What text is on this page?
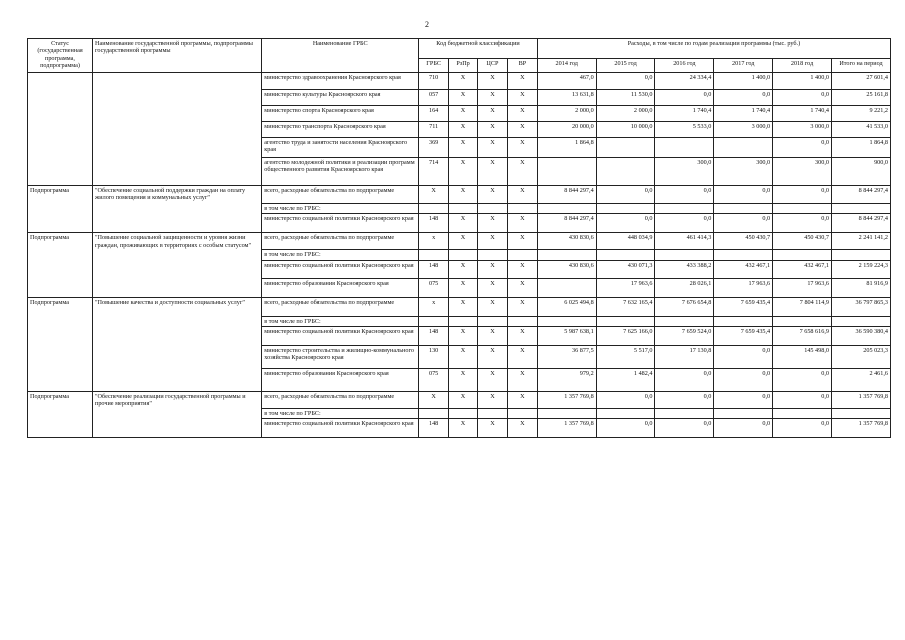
2
Статус (государственная программа, подпрограмма)	Наименование государственной программы, подпрограммы государственной программы	Наименование ГРБС	Код бюджетной классификации				Расходы, в том числе по годам реализации программы (тыс. руб.)					
			ГРБС	РзПр	ЦСР	ВР	2014 год	2015 год	2016 год	2017 год	2018 год	Итого на период
		министерство здравоохранения Красноярского края	710	X	X	X	467,0	0,0	24 334,4	1 400,0	1 400,0	27 601,4
		министерство культуры Красноярского края	057	X	X	X	13 631,8	11 530,0	0,0	0,0	0,0	25 161,8
		министерство спорта Красноярского края	164	X	X	X	2 000,0	2 000,0	1 740,4	1 740,4	1 740,4	9 221,2
		министерство транспорта Красноярского края	711	X	X	X	20 000,0	10 000,0	5 533,0	3 000,0	3 000,0	41 533,0
		агентство труда и занятости населения Красноярского края	369	X	X	X	1 864,8				0,0	1 864,8
		агентство молодежной политики и реализации программ общественного развития Красноярского края	714	X	X	X			300,0	300,0	300,0	900,0
Подпрограмма	"Обеспечение социальной поддержки граждан на оплату жилого помещения и коммунальных услуг"	всего, расходные обязательства по подпрограмме	X	X	X	X	8 844 297,4	0,0	0,0	0,0	0,0	8 844 297,4
		в том числе по ГРБС:										
		министерство социальной политики Красноярского края	148	X	X	X	8 844 297,4	0,0	0,0	0,0	0,0	8 844 297,4
Подпрограмма	"Повышение социальной защищенности и уровня жизни граждан, проживающих в территориях с особым статусом"	всего, расходные обязательства по подпрограмме	x	X	X	X	430 830,6	448 034,9	461 414,3	450 430,7	450 430,7	2 241 141,2
		в том числе по ГРБС:										
		министерство социальной политики Красноярского края	148	X	X	X	430 830,6	430 071,3	433 388,2	432 467,1	432 467,1	2 159 224,3
		министерство образования Красноярского края	075	X	X	X		17 963,6	28 026,1	17 963,6	17 963,6	81 916,9
Подпрограмма	"Повышение качества и доступности социальных услуг"	всего, расходные обязательства по подпрограмме	x	X	X	X	6 025 494,8	7 632 165,4	7 676 654,8	7 659 435,4	7 804 114,9	36 797 865,3
		в том числе по ГРБС:										
		министерство социальной политики Красноярского края	148	X	X	X	5 987 638,1	7 625 166,0	7 659 524,0	7 659 435,4	7 658 616,9	36 590 380,4
		министерство строительства и жилищно-коммунального хозяйства Красноярского края	130	X	X	X	36 877,5	5 517,0	17 130,8	0,0	145 498,0	205 023,3
		министерство образования Красноярского края	075	X	X	X	979,2	1 482,4	0,0	0,0	0,0	2 461,6
Подпрограмма	"Обеспечение реализации государственной программы и прочие мероприятия"	всего, расходные обязательства по подпрограмме	X	X	X	X	1 357 769,8	0,0	0,0	0,0	0,0	1 357 769,8
		в том числе по ГРБС:										
		министерство социальной политики Красноярского края	148	X	X	X	1 357 769,8	0,0	0,0	0,0	0,0	1 357 769,8
